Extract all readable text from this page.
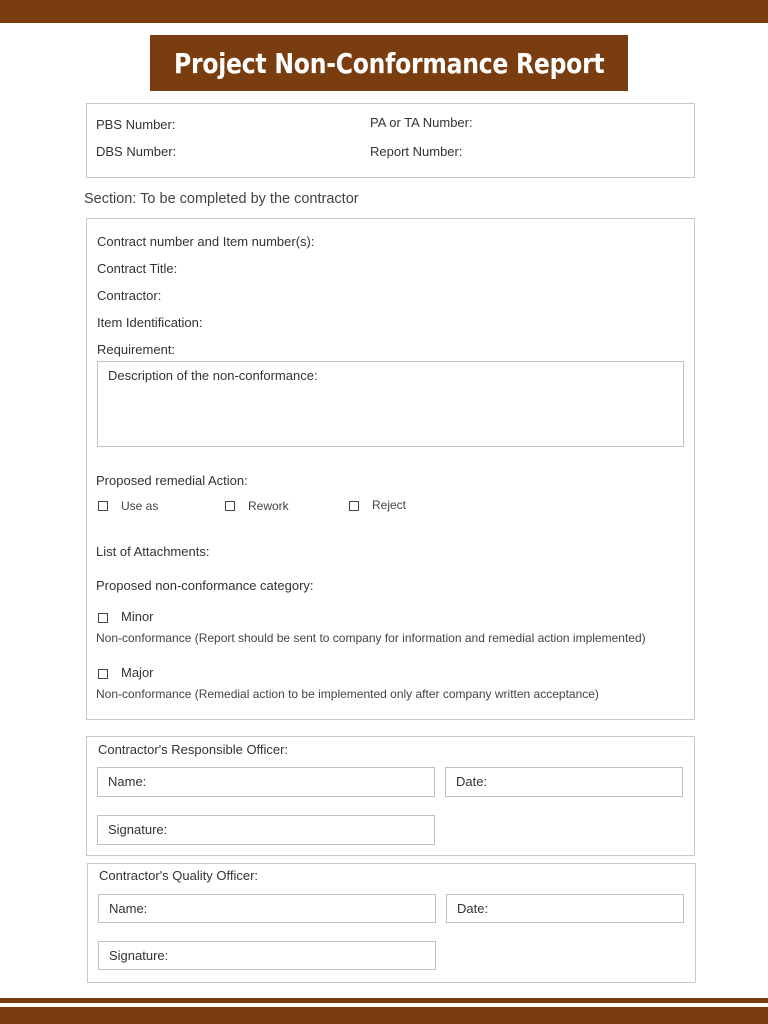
Project Non-Conformance Report
PBS Number:	PA or TA Number:
DBS Number:	Report Number:
Section: To be completed by the contractor
Contract number and Item number(s):
Contract Title:
Contractor:
Item Identification:
Requirement:
Description of the non-conformance:
Proposed remedial Action:
Use as	Rework	Reject
List of Attachments:
Proposed non-conformance category:
Minor
Non-conformance (Report should be sent to company for information and remedial action implemented)
Major
Non-conformance (Remedial action to be implemented only after company written acceptance)
Contractor's Responsible Officer:
Name:	Date:
Signature:
Contractor's Quality Officer:
Name:	Date:
Signature:
